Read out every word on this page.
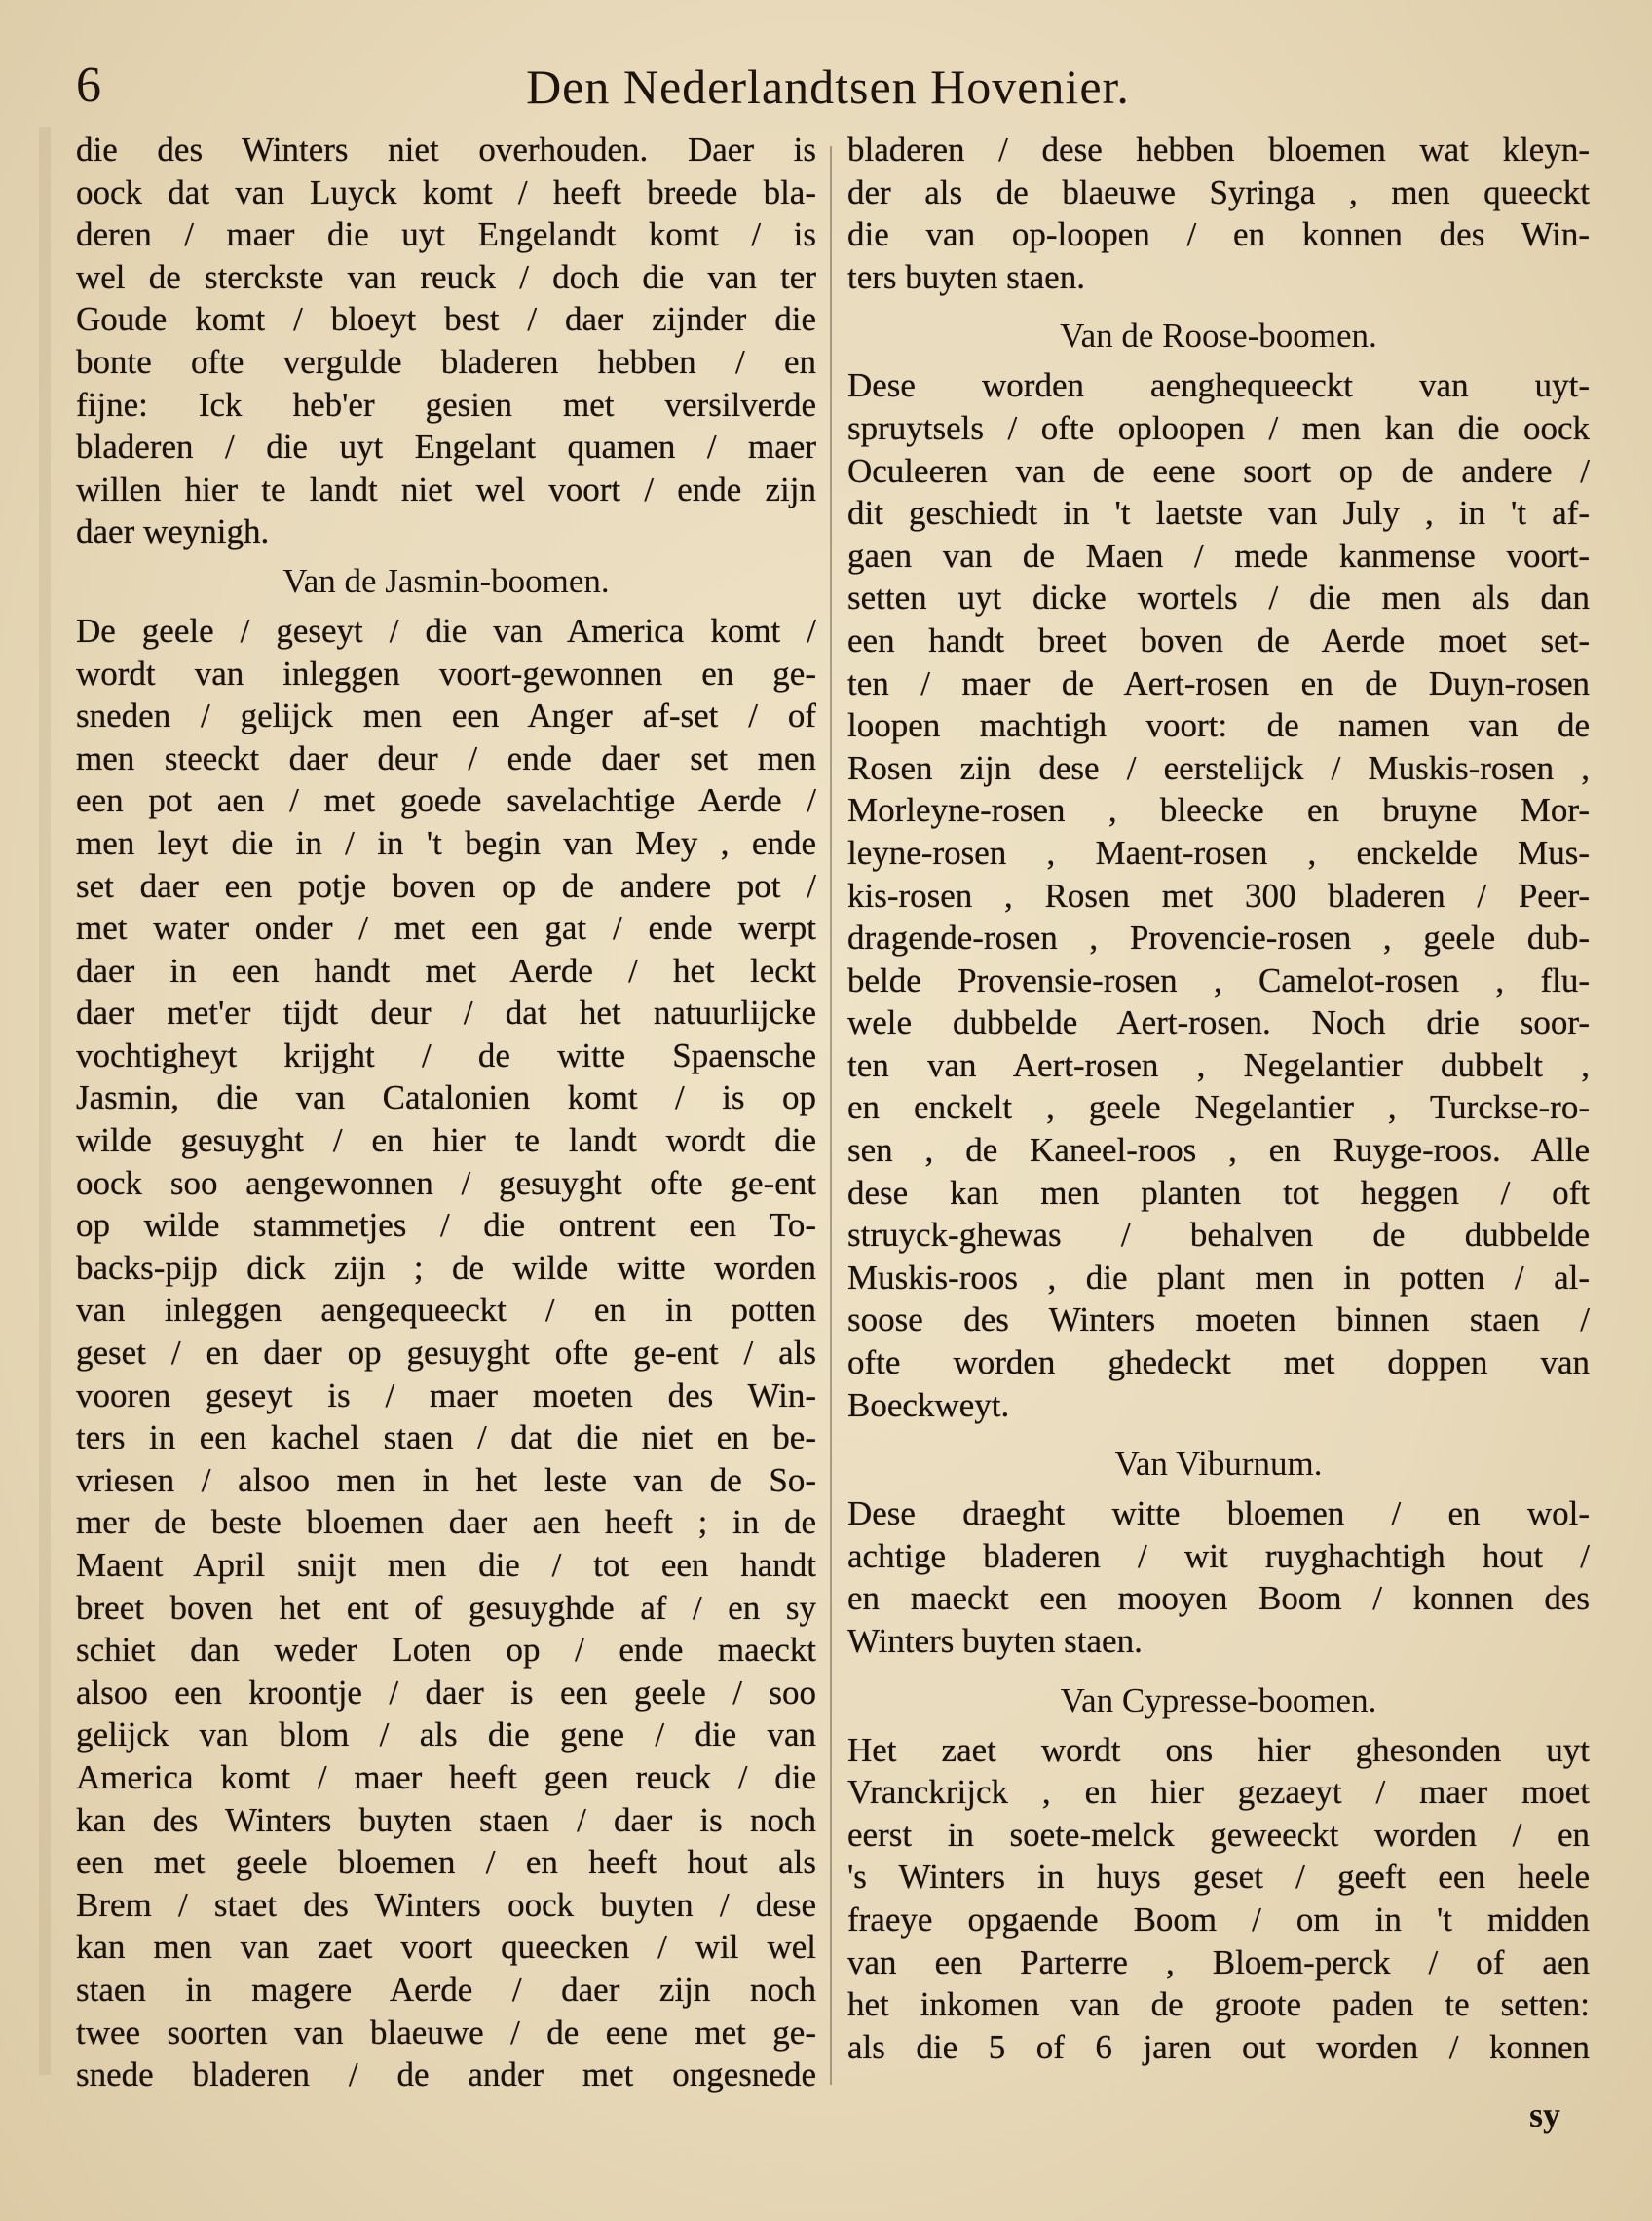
6	Den Nederlandtsen Hovenier.
die des Winters niet overhouden. Daer is
oock dat van Luyck komt / heeft breede bla-
deren / maer die uyt Engelandt komt / is
wel de sterckste van reuck / doch die van ter
Goude komt / bloeyt best / daer zijnder die
bonte ofte vergulde bladeren hebben / en
fijne: Ick heb'er gesien met versilverde
bladeren / die uyt Engelant quamen / maer
willen hier te landt niet wel voort / ende zijn
daer weynigh.
Van de Jasmin-boomen.
De geele / geseyt / die van America komt /
wordt van inleggen voort-gewonnen en ge-
sneden / gelijck men een Anger af-set / of
men steeckt daer deur / ende daer set men
een pot aen / met goede savelachtige Aerde /
men leyt die in / in 't begin van Mey , ende
set daer een potje boven op de andere pot /
met water onder / met een gat / ende werpt
daer in een handt met Aerde / het leckt
daer met'er tijdt deur / dat het natuurlijcke
vochtigheyt krijght / de witte Spaensche
Jasmin, die van Catalonien komt / is op
wilde gesuyght / en hier te landt wordt die
oock soo aengewonnen / gesuyght ofte ge-ent
op wilde stammetjes / die ontrent een To-
backs-pijp dick zijn ; de wilde witte worden
van inleggen aengequeeckt / en in potten
geset / en daer op gesuyght ofte ge-ent / als
vooren geseyt is / maer moeten des Win-
ters in een kachel staen / dat die niet en be-
vriesen / alsoo men in het leste van de So-
mer de beste bloemen daer aen heeft ; in de
Maent April snijt men die / tot een handt
breet boven het ent of gesuyghde af / en sy
schiet dan weder Loten op / ende maeckt
alsoo een kroontje / daer is een geele / soo
gelijck van blom / als die gene / die van
America komt / maer heeft geen reuck / die
kan des Winters buyten staen / daer is noch
een met geele bloemen / en heeft hout als
Brem / staet des Winters oock buyten / dese
kan men van zaet voort queecken / wil wel
staen in magere Aerde / daer zijn noch
twee soorten van blaeuwe / de eene met ge-
snede bladeren / de ander met ongesnede
bladeren / dese hebben bloemen wat kleyn-
der als de blaeuwe Syringa , men queeckt
die van op-loopen / en konnen des Win-
ters buyten staen.
Van de Roose-boomen.
Dese worden aenghequeeckt van uyt-
spruytsels / ofte oploopen / men kan die oock
Oculeeren van de eene soort op de andere /
dit geschiedt in 't laetste van July , in 't af-
gaen van de Maen / mede kanmense voort-
setten uyt dicke wortels / die men als dan
een handt breet boven de Aerde moet set-
ten / maer de Aert-rosen en de Duyn-rosen
loopen machtigh voort: de namen van de
Rosen zijn dese / eerstelijck / Muskis-rosen ,
Morleyne-rosen , bleecke en bruyne Mor-
leyne-rosen , Maent-rosen , enckelde Mus-
kis-rosen , Rosen met 300 bladeren / Peer-
dragende-rosen , Provencie-rosen , geele dub-
belde Provensie-rosen , Camelot-rosen , flu-
wele dubbelde Aert-rosen. Noch drie soor-
ten van Aert-rosen , Negelantier dubbelt ,
en enckelt , geele Negelantier , Turckse-ro-
sen , de Kaneel-roos , en Ruyge-roos. Alle
dese kan men planten tot heggen / oft
struyck-ghewas / behalven de dubbelde
Muskis-roos , die plant men in potten / al-
soose des Winters moeten binnen staen /
ofte worden ghedeckt met doppen van
Boeckweyt.
Van Viburnum.
Dese draeght witte bloemen / en wol-
achtige bladeren / wit ruyghachtigh hout /
en maeckt een mooyen Boom / konnen des
Winters buyten staen.
Van Cypresse-boomen.
Het zaet wordt ons hier ghesonden uyt
Vranckrijck , en hier gezaeyt / maer moet
eerst in soete-melck geweeckt worden / en
's Winters in huys geset / geeft een heele
fraeye opgaende Boom / om in 't midden
van een Parterre , Bloem-perck / of aen
het inkomen van de groote paden te setten:
als die 5 of 6 jaren out worden / konnen
sy
